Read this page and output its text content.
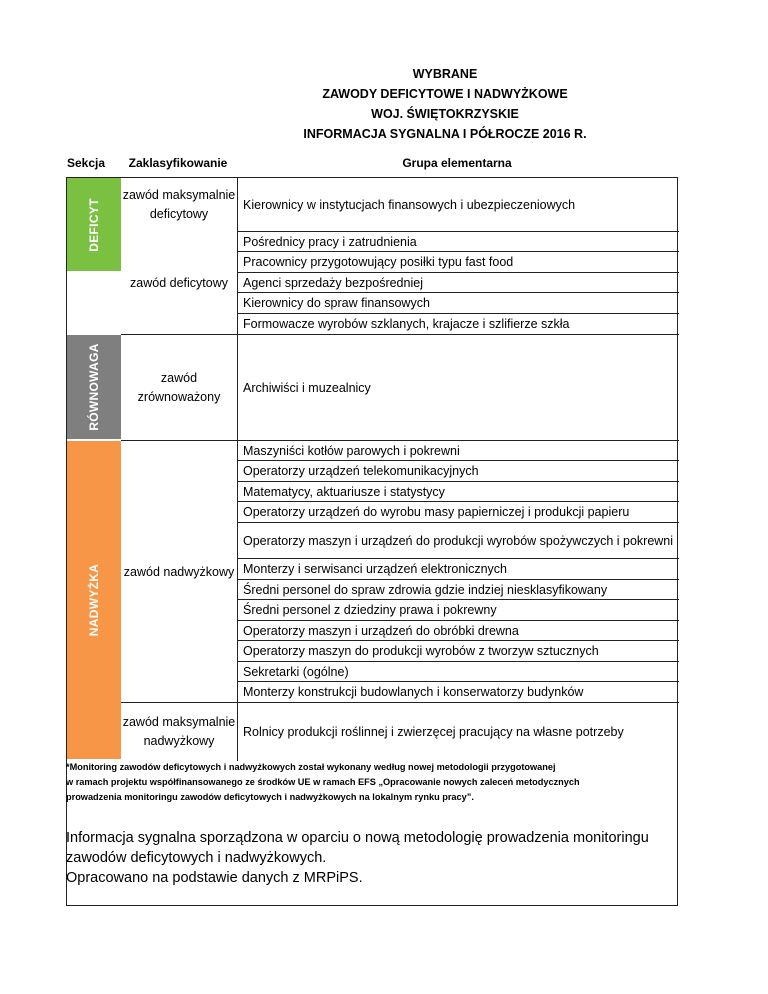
WYBRANE
ZAWODY DEFICYTOWE I NADWYŻKOWE
WOJ. ŚWIĘTOKRZYSKIE
INFORMACJA SYGNALNA I PÓŁROCZE 2016 R.
Sekcja	Zaklasyfikowanie	Grupa elementarna
DEFICYT
RÓWNOWAGA
NADWYŻKA
zawód maksymalnie deficytowy
zawód deficytowy
zawód zrównoważony
zawód nadwyżkowy
zawód maksymalnie nadwyżkowy
Kierownicy w instytucjach finansowych i ubezpieczeniowych
Pośrednicy pracy i zatrudnienia
Pracownicy przygotowujący posiłki typu fast food
Agenci sprzedaży bezpośredniej
Kierownicy do spraw finansowych
Formowacze wyrobów szklanych, krajacze i szlifierze szkła
Archiwiści i muzealnicy
Maszyniści kotłów parowych i pokrewni
Operatorzy urządzeń telekomunikacyjnych
Matematycy, aktuariusze i statystycy
Operatorzy urządzeń do wyrobu masy papierniczej i produkcji papieru
Operatorzy maszyn i urządzeń do produkcji wyrobów spożywczych i pokrewni
Monterzy i serwisanci urządzeń elektronicznych
Średni personel do spraw zdrowia gdzie indziej niesklasyfikowany
Średni personel z dziedziny prawa i pokrewny
Operatorzy maszyn i urządzeń do obróbki drewna
Operatorzy maszyn do produkcji wyrobów z tworzyw sztucznych
Sekretarki (ogólne)
Monterzy konstrukcji budowlanych i konserwatorzy budynków
Rolnicy produkcji roślinnej i zwierzęcej pracujący na własne potrzeby
*Monitoring zawodów deficytowych i nadwyżkowych został wykonany według nowej metodologii przygotowanej
w ramach projektu współfinansowanego ze środków UE w ramach EFS „Opracowanie nowych zaleceń metodycznych
prowadzenia monitoringu zawodów deficytowych i nadwyżkowych na lokalnym rynku pracy”.
Informacja sygnalna sporządzona w oparciu o nową metodologię prowadzenia monitoringu
zawodów deficytowych i nadwyżkowych.
Opracowano na podstawie danych z MRPiPS.
